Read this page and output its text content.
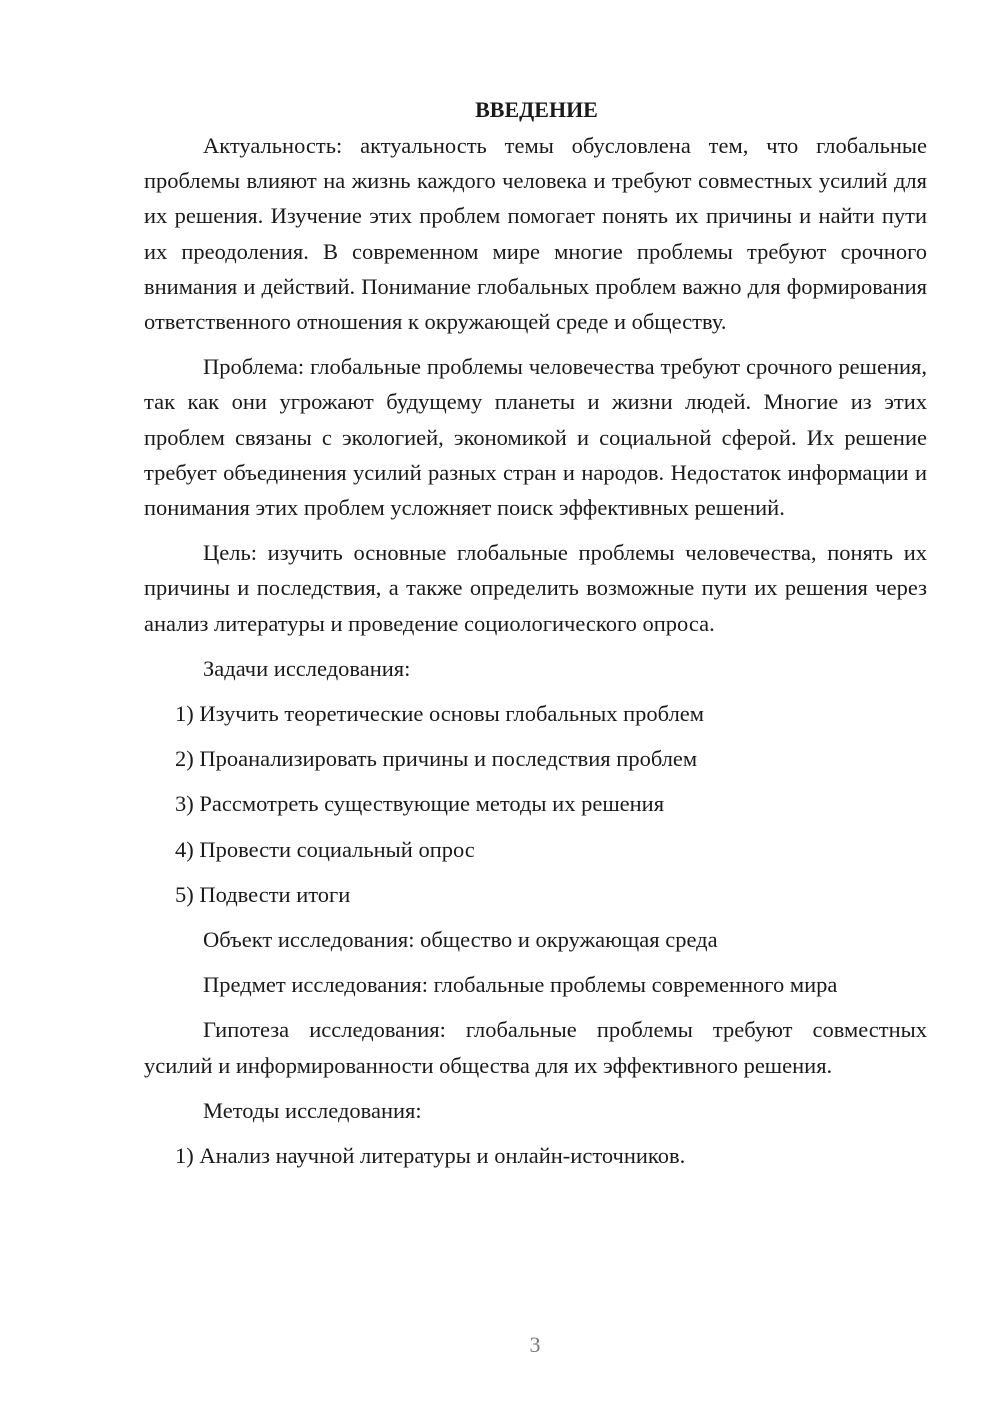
ВВЕДЕНИЕ

Актуальность: актуальность темы обусловлена тем, что глобальные проблемы влияют на жизнь каждого человека и требуют совместных усилий для их решения. Изучение этих проблем помогает понять их причины и найти пути их преодоления. В современном мире многие проблемы требуют срочного внимания и действий. Понимание глобальных проблем важно для формирования ответственного отношения к окружающей среде и обществу.

Проблема: глобальные проблемы человечества требуют срочного решения, так как они угрожают будущему планеты и жизни людей. Многие из этих проблем связаны с экологией, экономикой и социальной сферой. Их решение требует объединения усилий разных стран и народов. Недостаток информации и понимания этих проблем усложняет поиск эффективных решений.

Цель: изучить основные глобальные проблемы человечества, понять их причины и последствия, а также определить возможные пути их решения через анализ литературы и проведение социологического опроса.

Задачи исследования:
1) Изучить теоретические основы глобальных проблем
2) Проанализировать причины и последствия проблем
3) Рассмотреть существующие методы их решения
4) Провести социальный опрос
5) Подвести итоги
Объект исследования: общество и окружающая среда
Предмет исследования: глобальные проблемы современного мира

Гипотеза исследования: глобальные проблемы требуют совместных усилий и информированности общества для их эффективного решения.

Методы исследования:
1) Анализ научной литературы и онлайн-источников.
3
